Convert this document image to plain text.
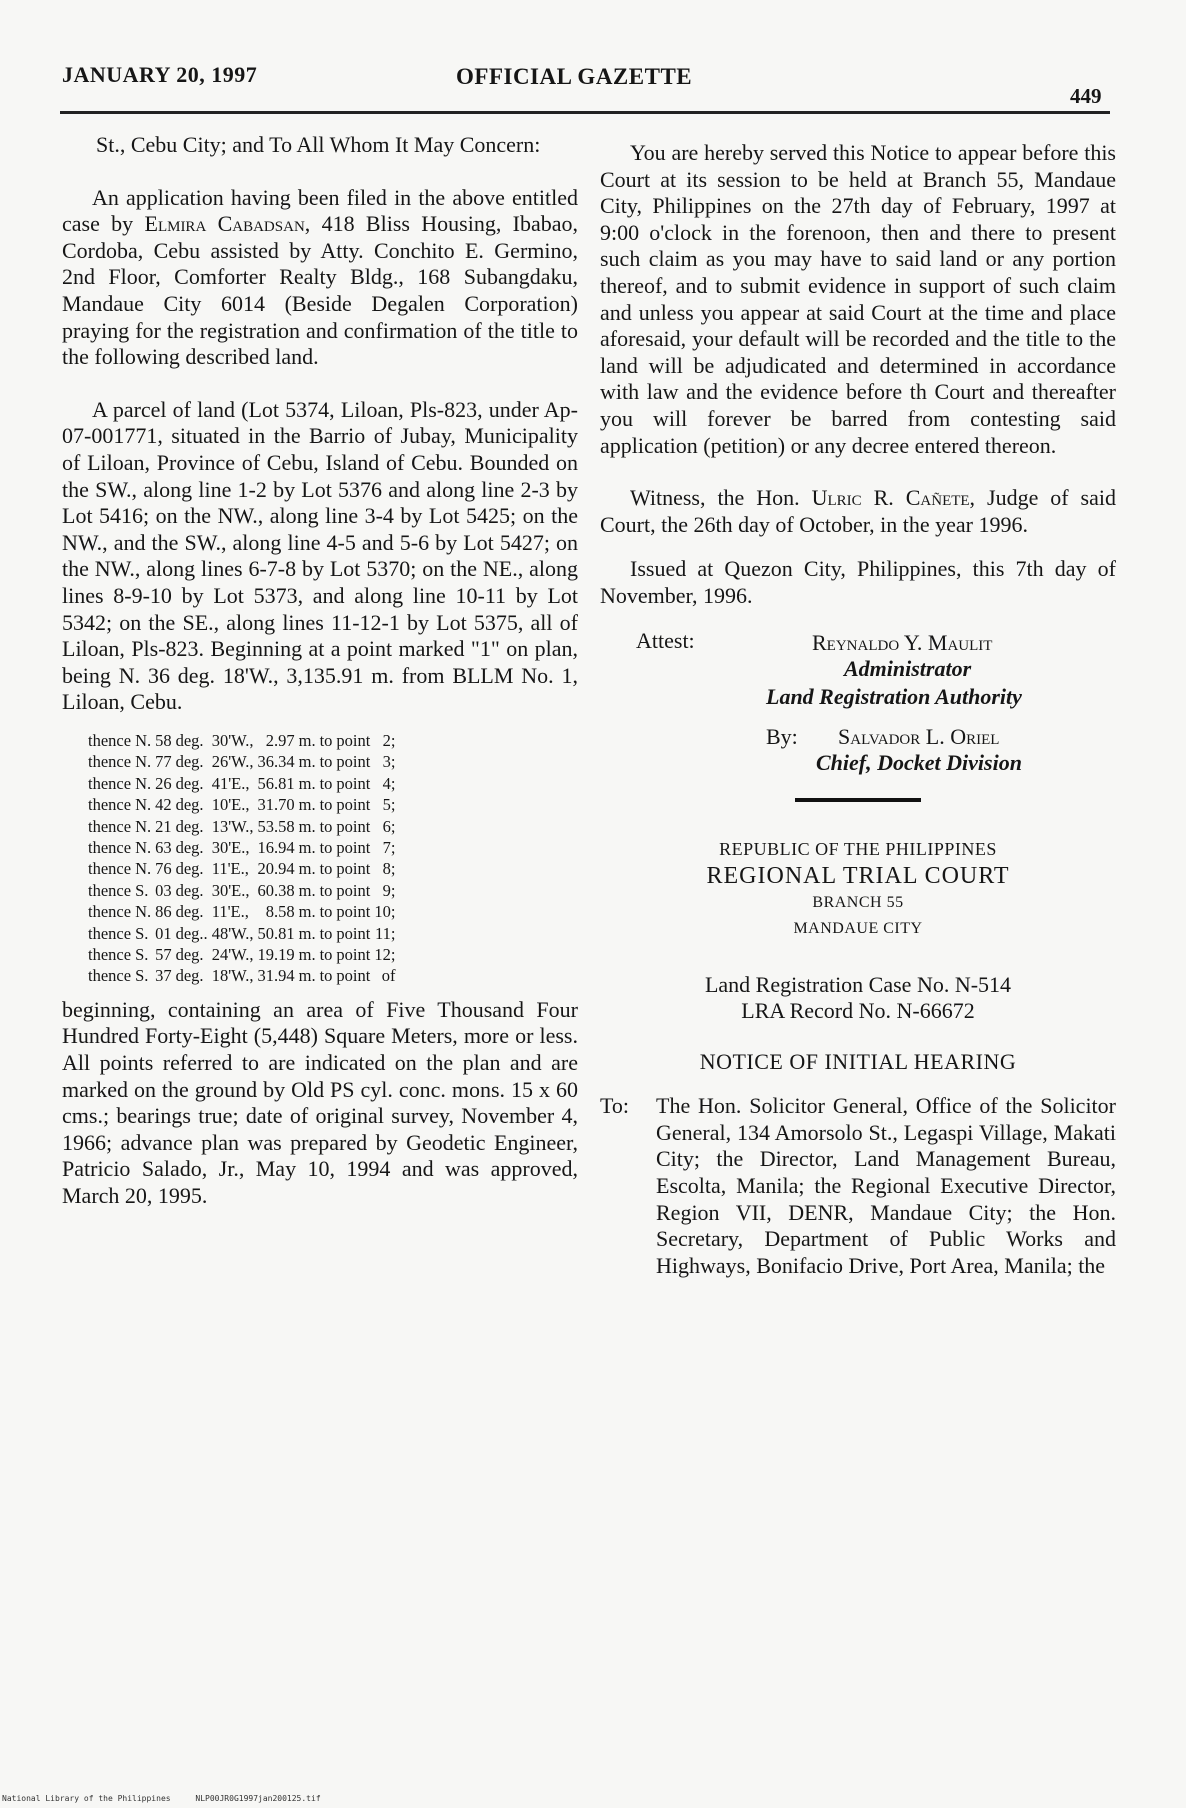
JANUARY 20, 1997	OFFICIAL GAZETTE
449

St., Cebu City; and To All Whom It May Concern:

An application having been filed in the above entitled case by Elmira Cabadsan, 418 Bliss Housing, Ibabao, Cordoba, Cebu assisted by Atty. Conchito E. Germino, 2nd Floor, Comforter Realty Bldg., 168 Subangdaku, Mandaue City 6014 (Beside Degalen Corporation) praying for the registration and confirmation of the title to the following described land.

A parcel of land (Lot 5374, Liloan, Pls-823, under Ap-07-001771, situated in the Barrio of Jubay, Municipality of Liloan, Province of Cebu, Island of Cebu. Bounded on the SW., along line 1-2 by Lot 5376 and along line 2-3 by Lot 5416; on the NW., along line 3-4 by Lot 5425; on the NW., and the SW., along line 4-5 and 5-6 by Lot 5427; on the NW., along lines 6-7-8 by Lot 5370; on the NE., along lines 8-9-10 by Lot 5373, and along line 10-11 by Lot 5342; on the SE., along lines 11-12-1 by Lot 5375, all of Liloan, Pls-823. Beginning at a point marked "1" on plan, being N. 36 deg. 18'W., 3,135.91 m. from BLLM No. 1, Liloan, Cebu.

thence	N.	58	deg.	30'W.,	2.97	m.	to	point	2;
thence	N.	77	deg.	26'W.,	36.34	m.	to	point	3;
thence	N.	26	deg.	41'E.,	56.81	m.	to	point	4;
thence	N.	42	deg.	10'E.,	31.70	m.	to	point	5;
thence	N.	21	deg.	13'W.,	53.58	m.	to	point	6;
thence	N.	63	deg.	30'E.,	16.94	m.	to	point	7;
thence	N.	76	deg.	11'E.,	20.94	m.	to	point	8;
thence	S.	03	deg.	30'E.,	60.38	m.	to	point	9;
thence	N.	86	deg.	11'E.,	8.58	m.	to	point	10;
thence	S.	01	deg..	48'W.,	50.81	m.	to	point	11;
thence	S.	57	deg.	24'W.,	19.19	m.	to	point	12;
thence	S.	37	deg.	18'W.,	31.94	m.	to	point	of

beginning, containing an area of Five Thousand Four Hundred Forty-Eight (5,448) Square Meters, more or less. All points referred to are indicated on the plan and are marked on the ground by Old PS cyl. conc. mons. 15 x 60 cms.; bearings true; date of original survey, November 4, 1966; advance plan was prepared by Geodetic Engineer, Patricio Salado, Jr., May 10, 1994 and was approved, March 20, 1995.

You are hereby served this Notice to appear before this Court at its session to be held at Branch 55, Mandaue City, Philippines on the 27th day of February, 1997 at 9:00 o'clock in the forenoon, then and there to present such claim as you may have to said land or any portion thereof, and to submit evidence in support of such claim and unless you appear at said Court at the time and place aforesaid, your default will be recorded and the title to the land will be adjudicated and determined in accordance with law and the evidence before th Court and thereafter you will forever be barred from contesting said application (petition) or any decree entered thereon.

Witness, the Hon. Ulric R. Cañete, Judge of said Court, the 26th day of October, in the year 1996.

Issued at Quezon City, Philippines, this 7th day of November, 1996.

Attest:	Reynaldo Y. Maulit
Administrator
Land Registration Authority
By: Salvador L. Oriel
Chief, Docket Division
REPUBLIC OF THE PHILIPPINES
REGIONAL TRIAL COURT
BRANCH 55
MANDAUE CITY
Land Registration Case No. N-514
LRA Record No. N-66672
NOTICE OF INITIAL HEARING
To: The Hon. Solicitor General, Office of the Solicitor General, 134 Amorsolo St., Legaspi Village, Makati City; the Director, Land Management Bureau, Escolta, Manila; the Regional Executive Director, Region VII, DENR, Mandaue City; the Hon. Secretary, Department of Public Works and Highways, Bonifacio Drive, Port Area, Manila; the
National Library of the Philippines	NLP00JR0G1997jan200125.tif
